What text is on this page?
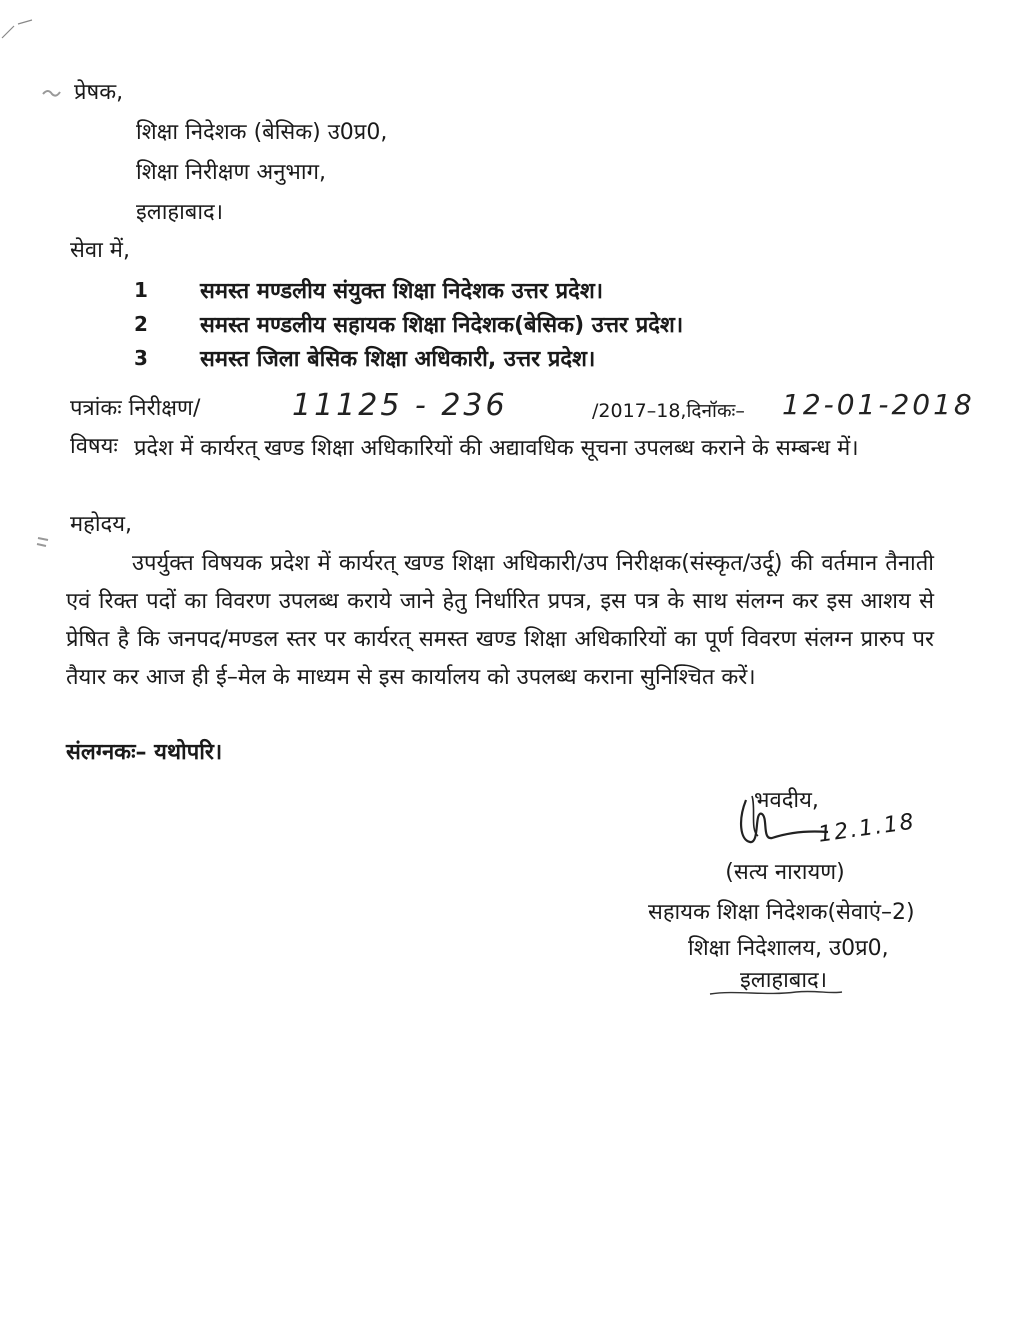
प्रेषक,
शिक्षा निदेशक (बेसिक) उ0प्र0,
शिक्षा निरीक्षण अनुभाग,
इलाहाबाद।
सेवा में,
1	समस्त मण्डलीय संयुक्त शिक्षा निदेशक उत्तर प्रदेश।
2	समस्त मण्डलीय सहायक शिक्षा निदेशक(बेसिक) उत्तर प्रदेश।
3	समस्त जिला बेसिक शिक्षा अधिकारी, उत्तर प्रदेश।
पत्रांकः निरीक्षण/	11125 - 236	/2017–18,दिनॉकः– 12-01-2018
विषयः प्रदेश में कार्यरत् खण्ड शिक्षा अधिकारियों की अद्यावधिक सूचना उपलब्ध कराने के सम्बन्ध में।
महोदय,
उपर्युक्त विषयक प्रदेश में कार्यरत् खण्ड शिक्षा अधिकारी/उप निरीक्षक(संस्कृत/उर्दू) की वर्तमान तैनाती एवं रिक्त पदों का विवरण उपलब्ध कराये जाने हेतु निर्धारित प्रपत्र, इस पत्र के साथ संलग्न कर इस आशय से प्रेषित है कि जनपद/मण्डल स्तर पर कार्यरत् समस्त खण्ड शिक्षा अधिकारियों का पूर्ण विवरण संलग्न प्रारुप पर तैयार कर आज ही ई–मेल के माध्यम से इस कार्यालय को उपलब्ध कराना सुनिश्चित करें।
संलग्नकः– यथोपरि।
भवदीय,
12.1.18
(सत्य नारायण)
सहायक शिक्षा निदेशक(सेवाएं–2)
शिक्षा निदेशालय, उ0प्र0,
इलाहाबाद।
